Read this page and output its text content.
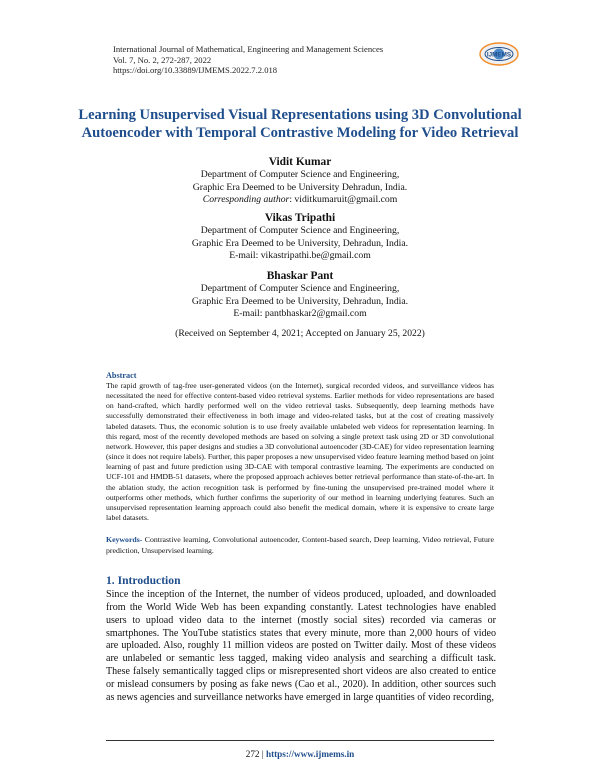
International Journal of Mathematical, Engineering and Management Sciences
Vol. 7, No. 2, 272-287, 2022
https://doi.org/10.33889/IJMEMS.2022.7.2.018
IJMEMS
Learning Unsupervised Visual Representations using 3D Convolutional
Autoencoder with Temporal Contrastive Modeling for Video Retrieval
Vidit Kumar
Department of Computer Science and Engineering,
Graphic Era Deemed to be University Dehradun, India.
Corresponding author: viditkumaruit@gmail.com
Vikas Tripathi
Department of Computer Science and Engineering,
Graphic Era Deemed to be University, Dehradun, India.
E-mail: vikastripathi.be@gmail.com
Bhaskar Pant
Department of Computer Science and Engineering,
Graphic Era Deemed to be University, Dehradun, India.
E-mail: pantbhaskar2@gmail.com
(Received on September 4, 2021; Accepted on January 25, 2022)
Abstract
The rapid growth of tag-free user-generated videos (on the Internet), surgical recorded videos, and surveillance videos has necessitated the need for effective content-based video retrieval systems. Earlier methods for video representations are based on hand-crafted, which hardly performed well on the video retrieval tasks. Subsequently, deep learning methods have successfully demonstrated their effectiveness in both image and video-related tasks, but at the cost of creating massively labeled datasets. Thus, the economic solution is to use freely available unlabeled web videos for representation learning. In this regard, most of the recently developed methods are based on solving a single pretext task using 2D or 3D convolutional network. However, this paper designs and studies a 3D convolutional autoencoder (3D-CAE) for video representation learning (since it does not require labels). Further, this paper proposes a new unsupervised video feature learning method based on joint learning of past and future prediction using 3D-CAE with temporal contrastive learning. The experiments are conducted on UCF-101 and HMDB-51 datasets, where the proposed approach achieves better retrieval performance than state-of-the-art. In the ablation study, the action recognition task is performed by fine-tuning the unsupervised pre-trained model where it outperforms other methods, which further confirms the superiority of our method in learning underlying features. Such an unsupervised representation learning approach could also benefit the medical domain, where it is expensive to create large label datasets.
Keywords- Contrastive learning, Convolutional autoencoder, Content-based search, Deep learning, Video retrieval, Future prediction, Unsupervised learning.
1. Introduction
Since the inception of the Internet, the number of videos produced, uploaded, and downloaded from the World Wide Web has been expanding constantly. Latest technologies have enabled users to upload video data to the internet (mostly social sites) recorded via cameras or smartphones. The YouTube statistics states that every minute, more than 2,000 hours of video are uploaded. Also, roughly 11 million videos are posted on Twitter daily. Most of these videos are unlabeled or semantic less tagged, making video analysis and searching a difficult task. These falsely semantically tagged clips or misrepresented short videos are also created to entice or mislead consumers by posing as fake news (Cao et al., 2020). In addition, other sources such as news agencies and surveillance networks have emerged in large quantities of video recording,
272 | https://www.ijmems.in
